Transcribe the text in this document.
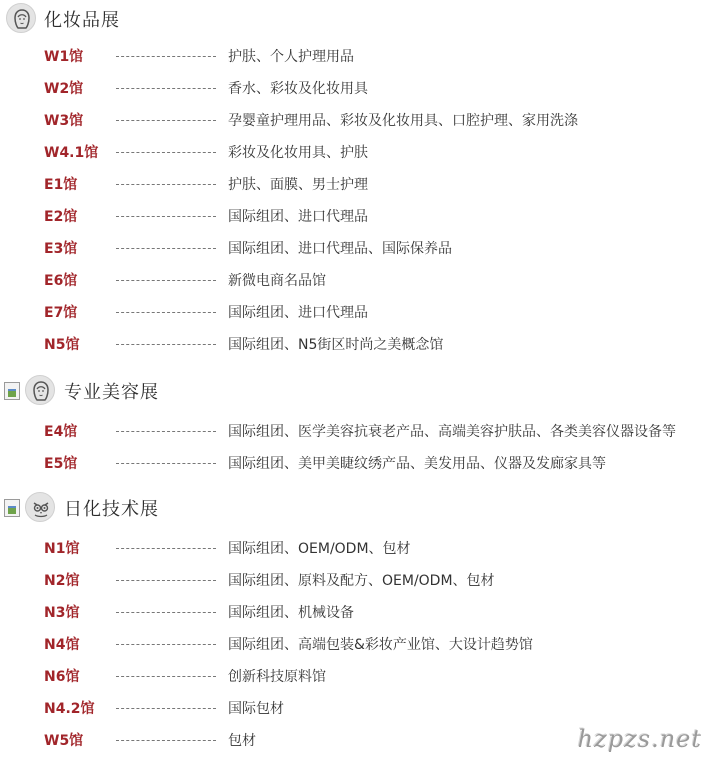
化妆品展
W1馆	护肤、个人护理用品
W2馆	香水、彩妆及化妆用具
W3馆	孕婴童护理用品、彩妆及化妆用具、口腔护理、家用洗涤
W4.1馆	彩妆及化妆用具、护肤
E1馆	护肤、面膜、男士护理
E2馆	国际组团、进口代理品
E3馆	国际组团、进口代理品、国际保养品
E6馆	新微电商名品馆
E7馆	国际组团、进口代理品
N5馆	国际组团、N5街区时尚之美概念馆
专业美容展
E4馆	国际组团、医学美容抗衰老产品、高端美容护肤品、各类美容仪器设备等
E5馆	国际组团、美甲美睫纹绣产品、美发用品、仪器及发廊家具等
日化技术展
N1馆	国际组团、OEM/ODM、包材
N2馆	国际组团、原料及配方、OEM/ODM、包材
N3馆	国际组团、机械设备
N4馆	国际组团、高端包装&彩妆产业馆、大设计趋势馆
N6馆	创新科技原料馆
N4.2馆	国际包材
W5馆	包材	hzpzs.net
